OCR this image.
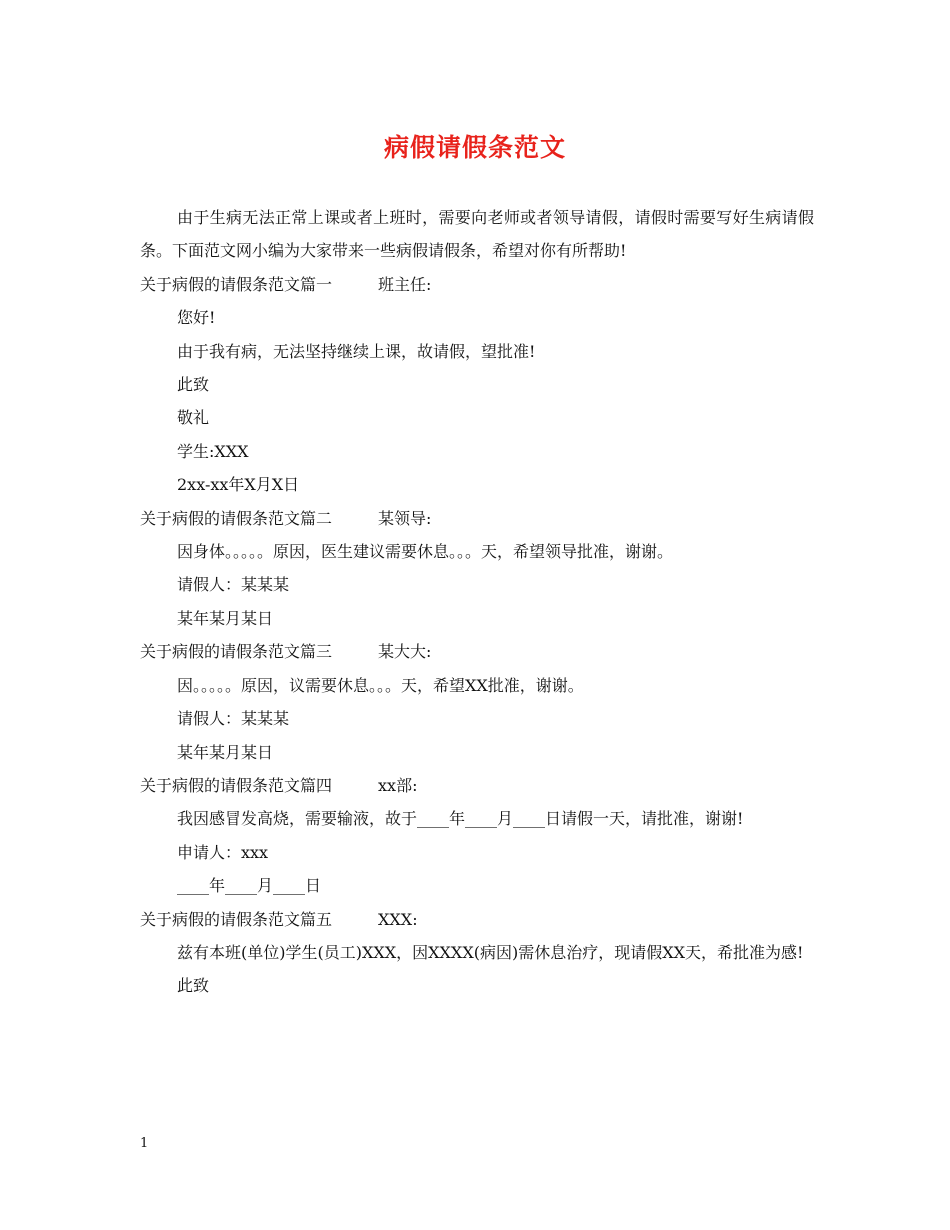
病假请假条范文

由于生病无法正常上课或者上班时，需要向老师或者领导请假，请假时需要写好生病请假条。下面范文网小编为大家带来一些病假请假条，希望对你有所帮助!

关于病假的请假条范文篇一	班主任:

您好!

由于我有病，无法坚持继续上课，故请假，望批准!

此致

敬礼

学生:XXX

2xx-xx年X月X日

关于病假的请假条范文篇二	某领导:

因身体。。。。。原因，医生建议需要休息。。。天，希望领导批准，谢谢。

请假人：某某某

某年某月某日

关于病假的请假条范文篇三	某大大:

因。。。。。原因，议需要休息。。。天，希望XX批准，谢谢。

请假人：某某某

某年某月某日

关于病假的请假条范文篇四	xx部:

我因感冒发高烧，需要输液，故于____年____月____日请假一天，请批准，谢谢!

申请人：xxx

____年____月____日

关于病假的请假条范文篇五	XXX:

兹有本班(单位)学生(员工)XXX，因XXXX(病因)需休息治疗，现请假XX天，希批准为感!

此致

1
